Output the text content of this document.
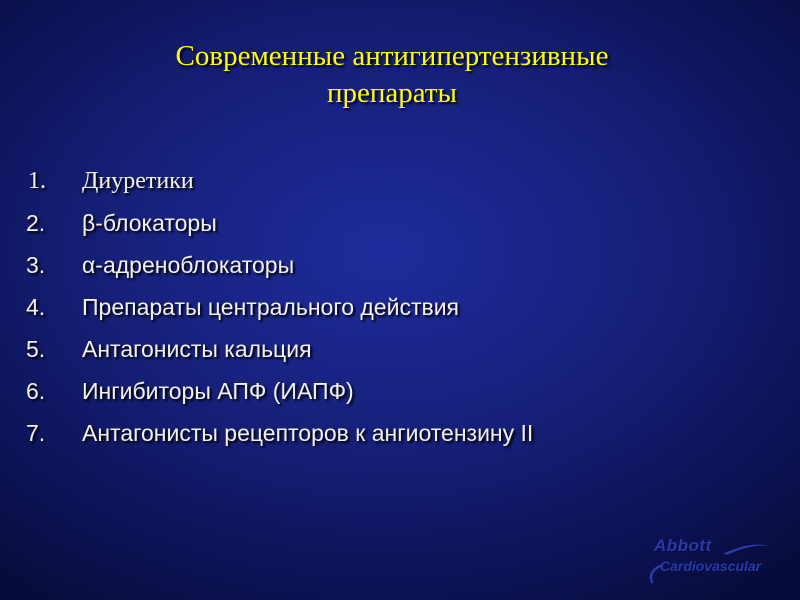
Современные антигипертензивные
препараты
1. Диуретики
2. β-блокаторы
3. α-адреноблокаторы
4. Препараты центрального действия
5. Антагонисты кальция
6. Ингибиторы АПФ (ИАПФ)
7. Антагонисты рецепторов к ангиотензину II
Abbott
Cardiovascular
